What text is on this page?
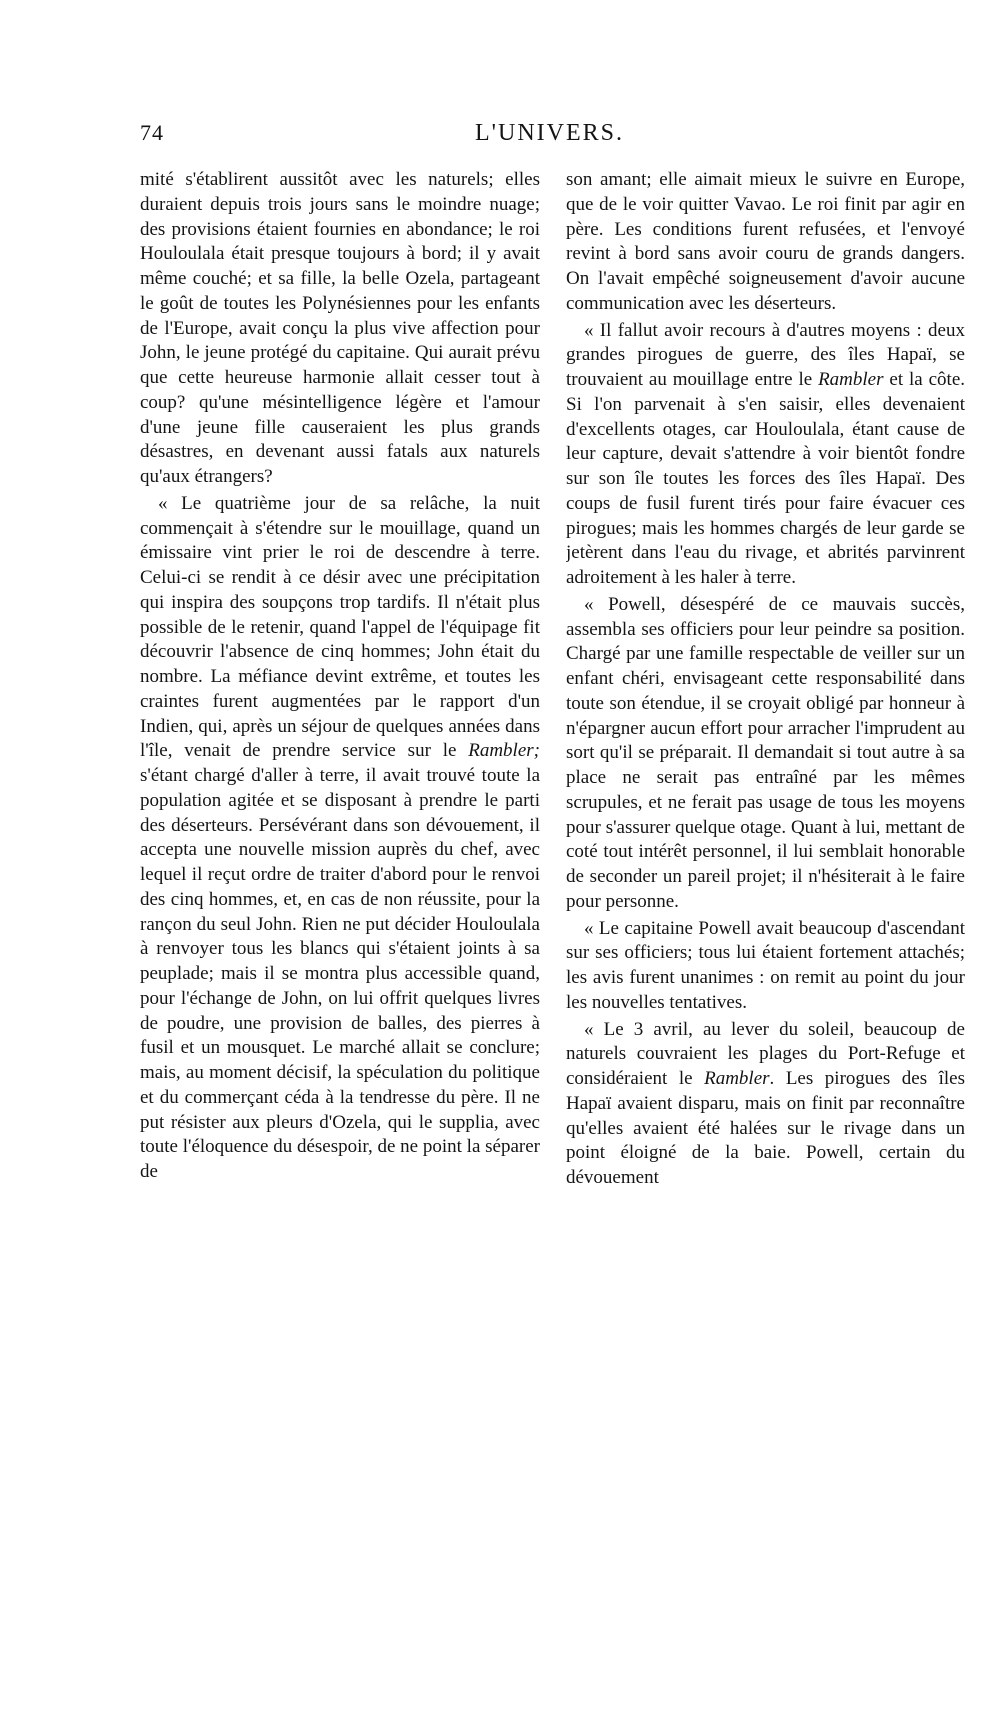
74	L'UNIVERS.

mité s'établirent aussitôt avec les naturels; elles duraient depuis trois jours sans le moindre nuage; des provisions étaient fournies en abondance; le roi Houloulala était presque toujours à bord; il y avait même couché; et sa fille, la belle Ozela, partageant le goût de toutes les Polynésiennes pour les enfants de l'Europe, avait conçu la plus vive affection pour John, le jeune protégé du capitaine. Qui aurait prévu que cette heureuse harmonie allait cesser tout à coup? qu'une mésintelligence légère et l'amour d'une jeune fille causeraient les plus grands désastres, en devenant aussi fatals aux naturels qu'aux étrangers?

« Le quatrième jour de sa relâche, la nuit commençait à s'étendre sur le mouillage, quand un émissaire vint prier le roi de descendre à terre. Celui-ci se rendit à ce désir avec une précipitation qui inspira des soupçons trop tardifs. Il n'était plus possible de le retenir, quand l'appel de l'équipage fit découvrir l'absence de cinq hommes; John était du nombre. La méfiance devint extrême, et toutes les craintes furent augmentées par le rapport d'un Indien, qui, après un séjour de quelques années dans l'île, venait de prendre service sur le Rambler; s'étant chargé d'aller à terre, il avait trouvé toute la population agitée et se disposant à prendre le parti des déserteurs. Persévérant dans son dévouement, il accepta une nouvelle mission auprès du chef, avec lequel il reçut ordre de traiter d'abord pour le renvoi des cinq hommes, et, en cas de non réussite, pour la rançon du seul John. Rien ne put décider Houloulala à renvoyer tous les blancs qui s'étaient joints à sa peuplade; mais il se montra plus accessible quand, pour l'échange de John, on lui offrit quelques livres de poudre, une provision de balles, des pierres à fusil et un mousquet. Le marché allait se conclure; mais, au moment décisif, la spéculation du politique et du commerçant céda à la tendresse du père. Il ne put résister aux pleurs d'Ozela, qui le supplia, avec toute l'éloquence du désespoir, de ne point la séparer de

son amant; elle aimait mieux le suivre en Europe, que de le voir quitter Vavao. Le roi finit par agir en père. Les conditions furent refusées, et l'envoyé revint à bord sans avoir couru de grands dangers. On l'avait empêché soigneusement d'avoir aucune communication avec les déserteurs.

« Il fallut avoir recours à d'autres moyens : deux grandes pirogues de guerre, des îles Hapaï, se trouvaient au mouillage entre le Rambler et la côte. Si l'on parvenait à s'en saisir, elles devenaient d'excellents otages, car Houloulala, étant cause de leur capture, devait s'attendre à voir bientôt fondre sur son île toutes les forces des îles Hapaï. Des coups de fusil furent tirés pour faire évacuer ces pirogues; mais les hommes chargés de leur garde se jetèrent dans l'eau du rivage, et abrités parvinrent adroitement à les haler à terre.

« Powell, désespéré de ce mauvais succès, assembla ses officiers pour leur peindre sa position. Chargé par une famille respectable de veiller sur un enfant chéri, envisageant cette responsabilité dans toute son étendue, il se croyait obligé par honneur à n'épargner aucun effort pour arracher l'imprudent au sort qu'il se préparait. Il demandait si tout autre à sa place ne serait pas entraîné par les mêmes scrupules, et ne ferait pas usage de tous les moyens pour s'assurer quelque otage. Quant à lui, mettant de coté tout intérêt personnel, il lui semblait honorable de seconder un pareil projet; il n'hésiterait à le faire pour personne.

« Le capitaine Powell avait beaucoup d'ascendant sur ses officiers; tous lui étaient fortement attachés; les avis furent unanimes : on remit au point du jour les nouvelles tentatives.

« Le 3 avril, au lever du soleil, beaucoup de naturels couvraient les plages du Port-Refuge et considéraient le Rambler. Les pirogues des îles Hapaï avaient disparu, mais on finit par reconnaître qu'elles avaient été halées sur le rivage dans un point éloigné de la baie. Powell, certain du dévouement
